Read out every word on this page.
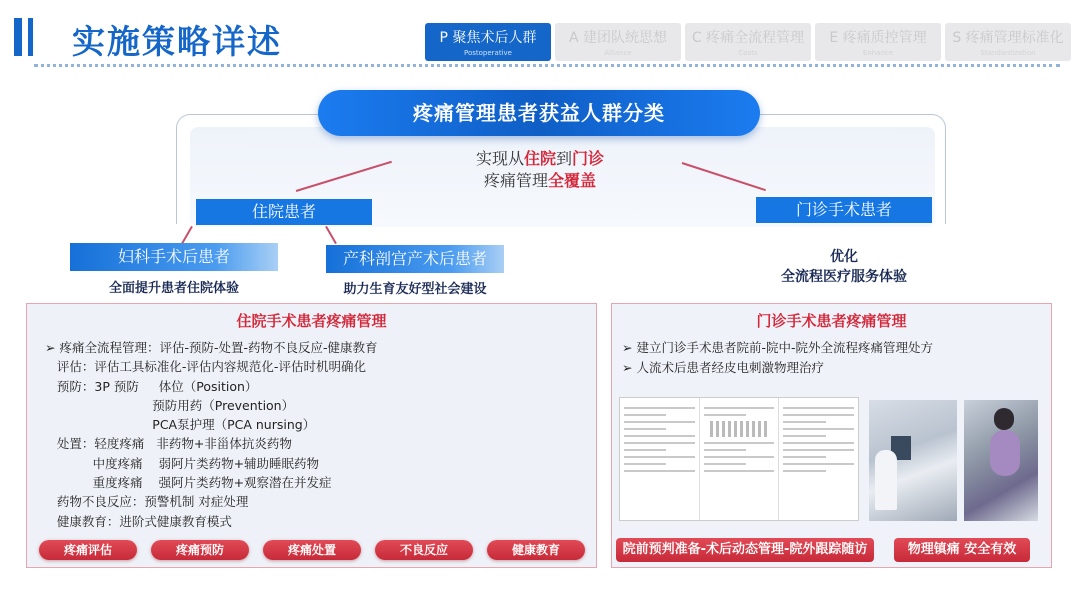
实施策略详述	P 聚焦术后人群
Postoperative
A 建团队统思想
Alliance
C 疼痛全流程管理
Costs
E 疼痛质控管理
Enhance
S 疼痛管理标准化
Standardization
疼痛管理患者获益人群分类
实现从住院到门诊
疼痛管理全覆盖
住院患者	门诊手术患者
妇科手术后患者	产科剖宫产术后患者
全面提升患者住院体验	助力生育友好型社会建设
优化
全流程医疗服务体验
住院手术患者疼痛管理
➢ 疼痛全流程管理：评估-预防-处置-药物不良反应-健康教育
评估：评估工具标准化-评估内容规范化-评估时机明确化
预防：3P 预防     体位（Position）
预防用药（Prevention）
PCA泵护理（PCA nursing）
处置：轻度疼痛   非药物+非甾体抗炎药物
中度疼痛    弱阿片类药物+辅助睡眠药物
重度疼痛    强阿片类药物+观察潜在并发症
药物不良反应：预警机制 对症处理
健康教育：进阶式健康教育模式
疼痛评估	疼痛预防	疼痛处置	不良反应	健康教育
门诊手术患者疼痛管理
➢ 建立门诊手术患者院前-院中-院外全流程疼痛管理处方
➢ 人流术后患者经皮电刺激物理治疗
院前预判准备-术后动态管理-院外跟踪随访	物理镇痛 安全有效
